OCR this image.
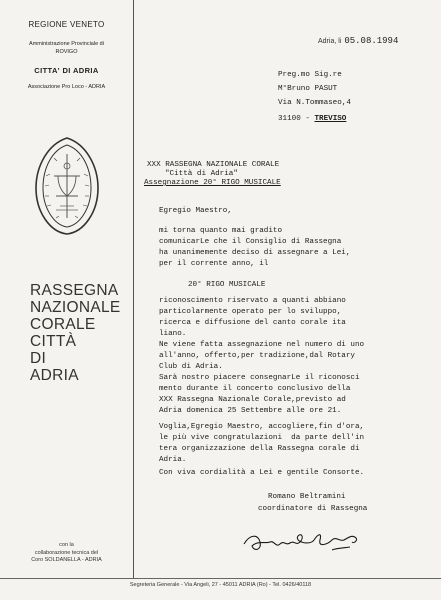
REGIONE VENETO
Amministrazione Provinciale di
ROVIGO
CITTA' DI ADRIA
Associazione Pro Loco - ADRIA
RASSEGNA
NAZIONALE
CORALE
CITTÀ
DI
ADRIA
con la
collaborazione tecnica del
Coro SOLDANELLA - ADRIA
Segreteria Generale - Via Angeli, 27 - 45011 ADRIA (Ro) - Tel. 0426/40118
Adria, li 05.08.1994
Preg.mo Sig.re
M°Bruno PASUT
Via N.Tommaseo,4
31100 - TREVISO
XXX RASSEGNA NAZIONALE CORALE
"Città di Adria"
Assegnazione 20° RIGO MUSICALE
Egregio Maestro,
mi torna quanto mai gradito
comunicarLe che il Consiglio di Rassegna
ha unanimemente deciso di assegnare a Lei,
per il corrente anno, il
20° RIGO MUSICALE
riconoscimento riservato a quanti abbiano
particolarmente operato per lo sviluppo,
ricerca e diffusione del canto corale ita
liano.
Ne viene fatta assegnazione nel numero di uno
all'anno, offerto,per tradizione,dal Rotary
Club di Adria.
Sarà nostro piacere consegnarLe il riconosci
mento durante il concerto conclusivo della
XXX Rassegna Nazionale Corale,previsto ad
Adria domenica 25 Settembre alle ore 21.
Voglia,Egregio Maestro, accogliere,fin d'ora,
le più vive congratulazioni  da parte dell'in
tera organizzazione della Rassegna corale di
Adria.
Con viva cordialità a Lei e gentile Consorte.
Romano Beltramini
coordinatore di Rassegna
